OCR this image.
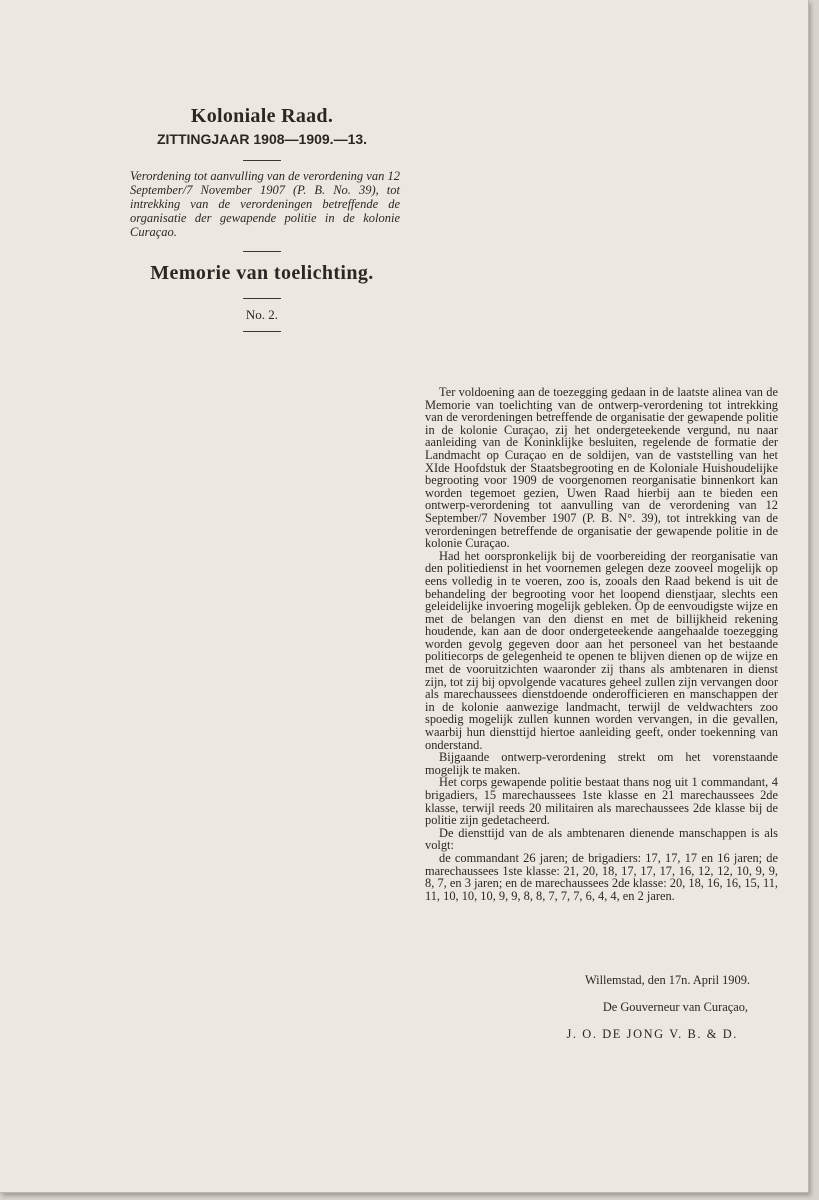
Koloniale Raad.
ZITTINGJAAR 1908—1909.—13.

Verordening tot aanvulling van de verordening van 12 September/7 November 1907 (P. B. No. 39), tot intrekking van de verordeningen betreffende de organisatie der gewapende politie in de kolonie Curaçao.

Memorie van toelichting.
No. 2.

Ter voldoening aan de toezegging gedaan in de laatste alinea van de Memorie van toelichting van de ontwerp-verordening tot intrekking van de verordeningen betreffende de organisatie der gewapende politie in de kolonie Curaçao, zij het ondergeteekende vergund, nu naar aanleiding van de Koninklijke besluiten, regelende de formatie der Landmacht op Curaçao en de soldijen, van de vaststelling van het XIde Hoofdstuk der Staatsbegrooting en de Koloniale Huishoudelijke begrooting voor 1909 de voorgenomen reorganisatie binnenkort kan worden tegemoet gezien, Uwen Raad hierbij aan te bieden een ontwerp-verordening tot aanvulling van de verordening van 12 September/7 November 1907 (P. B. N°. 39), tot intrekking van de verordeningen betreffende de organisatie der gewapende politie in de kolonie Curaçao.

Had het oorspronkelijk bij de voorbereiding der reorganisatie van den politiedienst in het voornemen gelegen deze zooveel mogelijk op eens volledig in te voeren, zoo is, zooals den Raad bekend is uit de behandeling der begrooting voor het loopend dienstjaar, slechts een geleidelijke invoering mogelijk gebleken. Op de eenvoudigste wijze en met de belangen van den dienst en met de billijkheid rekening houdende, kan aan de door ondergeteekende aangehaalde toezegging worden gevolg gegeven door aan het personeel van het bestaande politiecorps de gelegenheid te openen te blijven dienen op de wijze en met de vooruitzichten waaronder zij thans als ambtenaren in dienst zijn, tot zij bij opvolgende vacatures geheel zullen zijn vervangen door als marechaussees dienstdoende onderofficieren en manschappen der in de kolonie aanwezige landmacht, terwijl de veldwachters zoo spoedig mogelijk zullen kunnen worden vervangen, in die gevallen, waarbij hun diensttijd hiertoe aanleiding geeft, onder toekenning van onderstand.

Bijgaande ontwerp-verordening strekt om het vorenstaande mogelijk te maken.

Het corps gewapende politie bestaat thans nog uit 1 commandant, 4 brigadiers, 15 marechaussees 1ste klasse en 21 marechaussees 2de klasse, terwijl reeds 20 militairen als marechaussees 2de klasse bij de politie zijn gedetacheerd.

De diensttijd van de als ambtenaren dienende manschappen is als volgt:

de commandant 26 jaren; de brigadiers: 17, 17, 17 en 16 jaren; de marechaussees 1ste klasse: 21, 20, 18, 17, 17, 17, 16, 12, 12, 10, 9, 9, 8, 7, en 3 jaren; en de marechaussees 2de klasse: 20, 18, 16, 16, 15, 11, 11, 10, 10, 10, 9, 9, 8, 8, 7, 7, 7, 6, 4, 4, en 2 jaren.

Willemstad, den 17n. April 1909.
De Gouverneur van Curaçao,
J. O. DE JONG V. B. & D.
